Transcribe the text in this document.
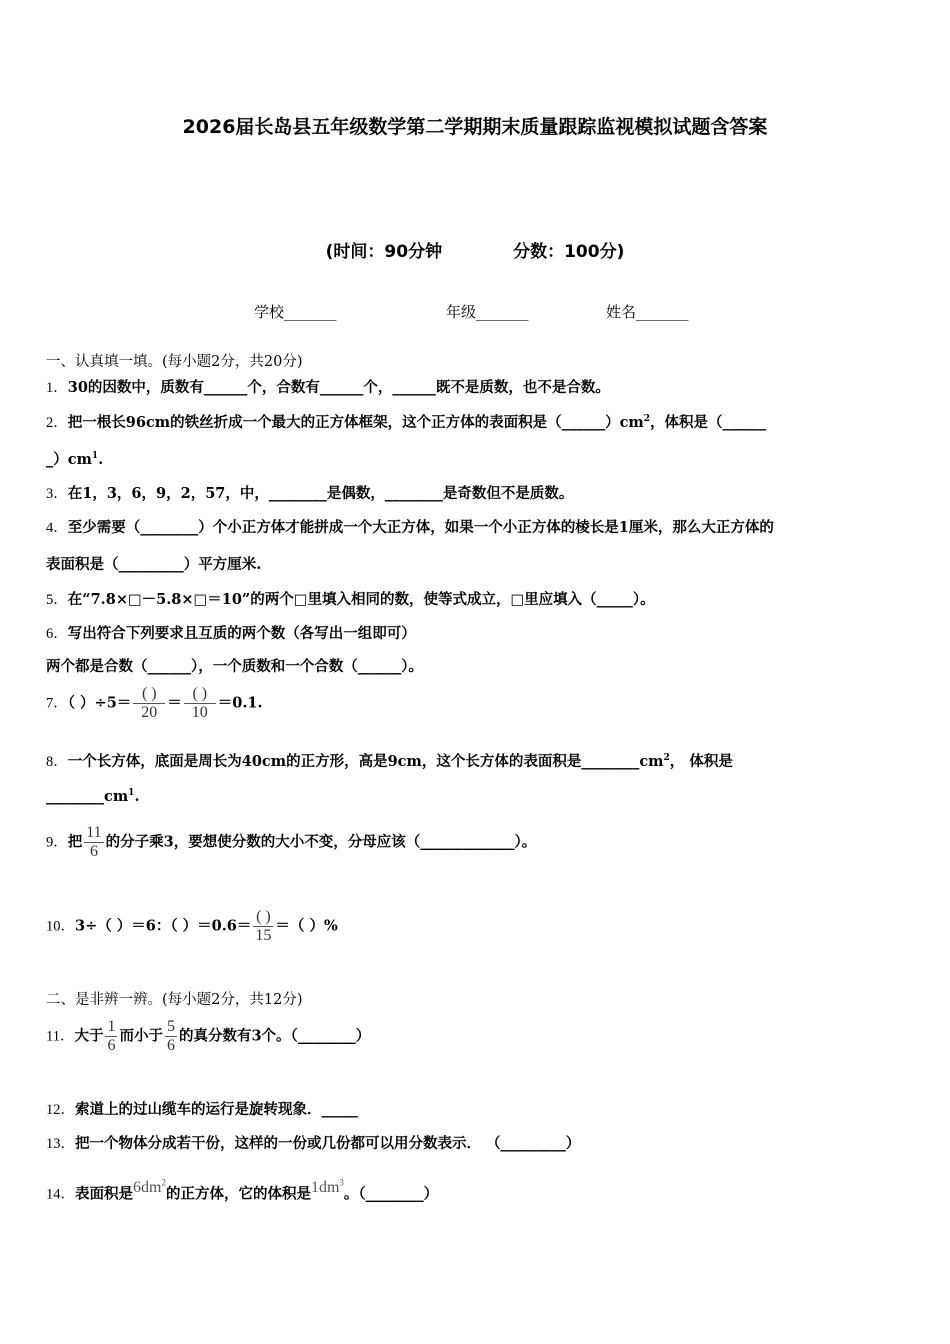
2026届长岛县五年级数学第二学期期末质量跟踪监视模拟试题含答案
(时间：90分钟            分数：100分)
学校_______	年级_______	姓名_______
一、认真填一填。(每小题2分，共20分)
1．30的因数中，质数有______个，合数有______个，______既不是质数，也不是合数。
2．把一根长96cm的铁丝折成一个最大的正方体框架，这个正方体的表面积是$(\_\_\_\_\_\_)cm^2$，体积是（______
$\_)cm^1$.
3．在1，3，6，9，2，57，中，________是偶数，________是奇数但不是质数。
4．至少需要（________）个小正方体才能拼成一个大正方体，如果一个小正方体的棱长是1厘米，那么大正方体的
表面积是（_________）平方厘米.
5．在“7.8×□－5.8×□＝10”的两个□里填入相同的数，使等式成立，□里应填入（_____）。
6．写出符合下列要求且互质的两个数（各写出一组即可）
两个都是合数（______），一个质数和一个合数（______）。
7．（ ）$\div 5= \frac{( )}{20} = \frac{( )}{10} =0.1$.
8．一个长方体，底面是周长为40cm的正方形，高是9cm，这个长方体的表面积是$\_\_\_\_\_\_\_\_cm^2$， 体积是
$\_\_\_\_\_\_\_\_cm^1$.
9．把 $\frac{11}{6}$ 的分子乘3，要想使分数的大小不变，分母应该（_____________）。
10．3÷（ ）＝6：（ ）$=0.6= \frac{( )}{15}$ ＝（ ）%
二、是非辨一辨。(每小题2分，共12分)
11．大于 $\frac{1}{6}$ 而小于 $\frac{5}{6}$ 的真分数有3个。（________）
12．索道上的过山缆车的运行是旋转现象．_____
13．把一个物体分成若干份，这样的一份或几份都可以用分数表示． （_________）
14．表面积是$6dm^2$的正方体，它的体积是$1dm^3$。（________）
